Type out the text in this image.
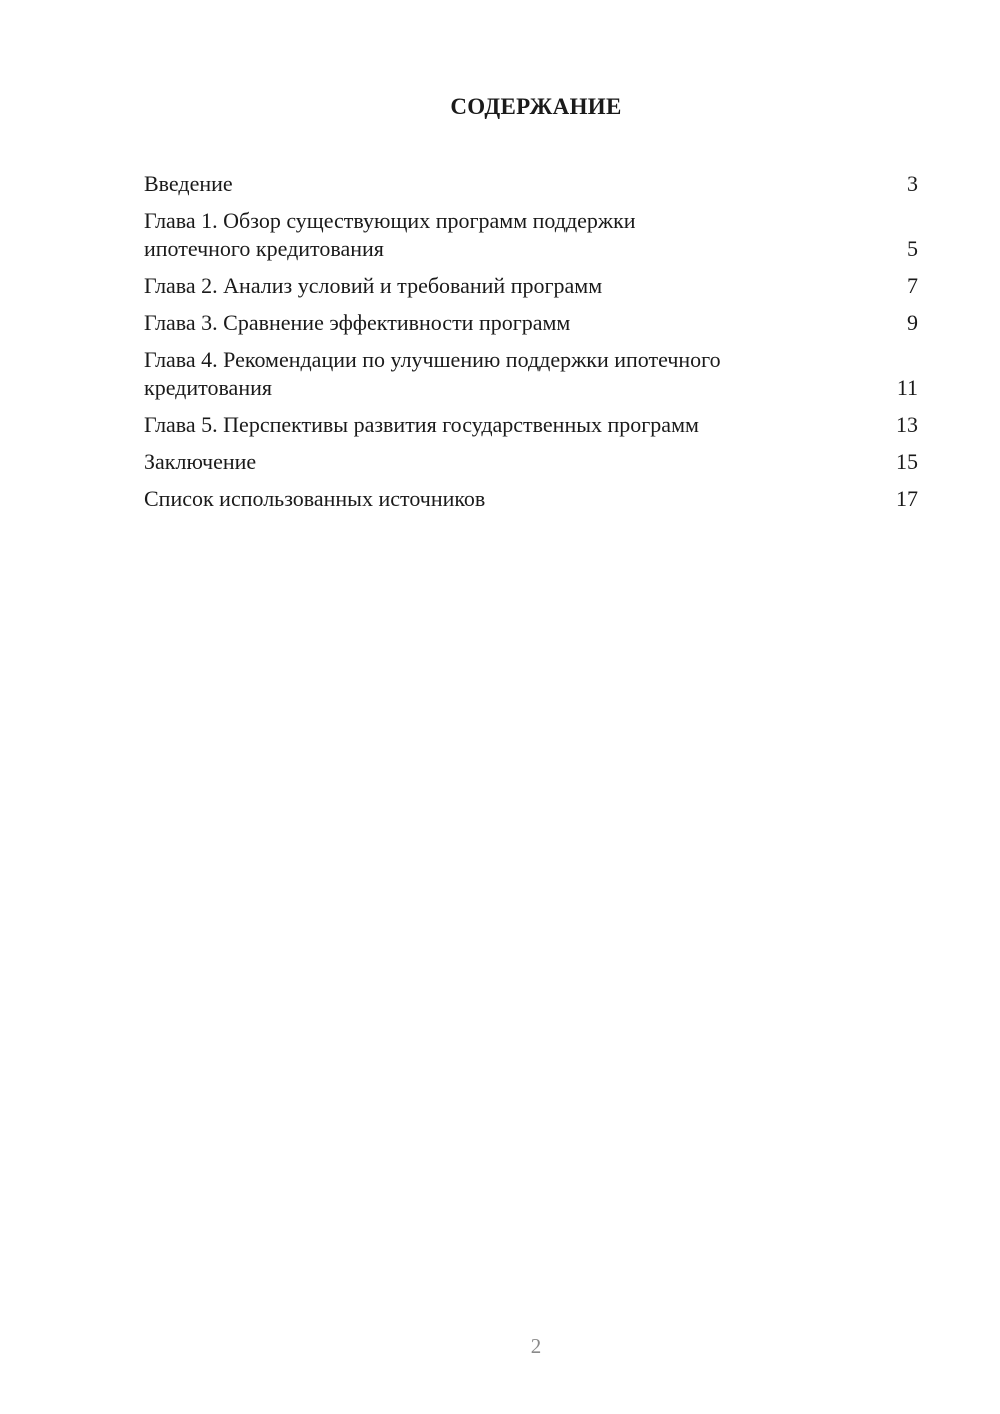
СОДЕРЖАНИЕ
Введение	3
Глава 1. Обзор существующих программ поддержки ипотечного кредитования	5
Глава 2. Анализ условий и требований программ	7
Глава 3. Сравнение эффективности программ	9
Глава 4. Рекомендации по улучшению поддержки ипотечного кредитования	11
Глава 5. Перспективы развития государственных программ	13
Заключение	15
Список использованных источников	17
2
